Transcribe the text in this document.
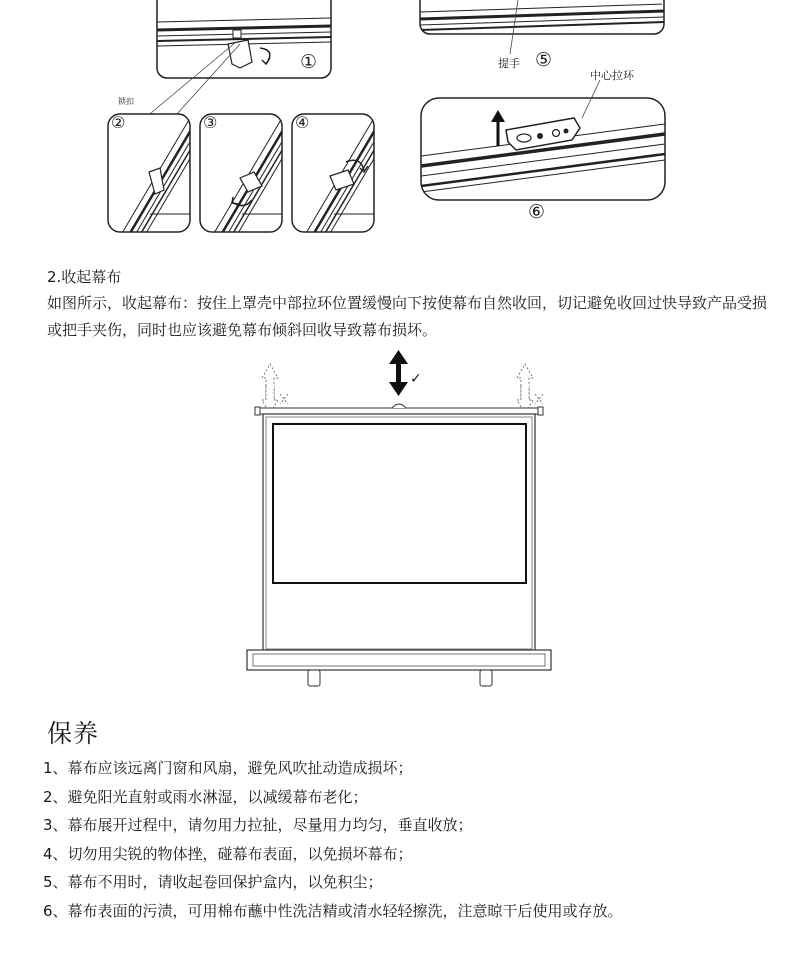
锁扣
提手
中心拉环
①
②	③	④
⑤
⑥
2.收起幕布
如图所示，收起幕布：按住上罩壳中部拉环位置缓慢向下按使幕布自然收回，切记避免收回过快导致产品受损或把手夹伤，同时也应该避免幕布倾斜回收导致幕布损坏。
✓
保养
1、幕布应该远离门窗和风扇，避免风吹扯动造成损坏；
2、避免阳光直射或雨水淋湿，以减缓幕布老化；
3、幕布展开过程中，请勿用力拉扯，尽量用力均匀，垂直收放；
4、切勿用尖锐的物体挫，碰幕布表面，以免损坏幕布；
5、幕布不用时，请收起卷回保护盒内，以免积尘；
6、幕布表面的污渍，可用棉布蘸中性洗洁精或清水轻轻擦洗，注意晾干后使用或存放。
